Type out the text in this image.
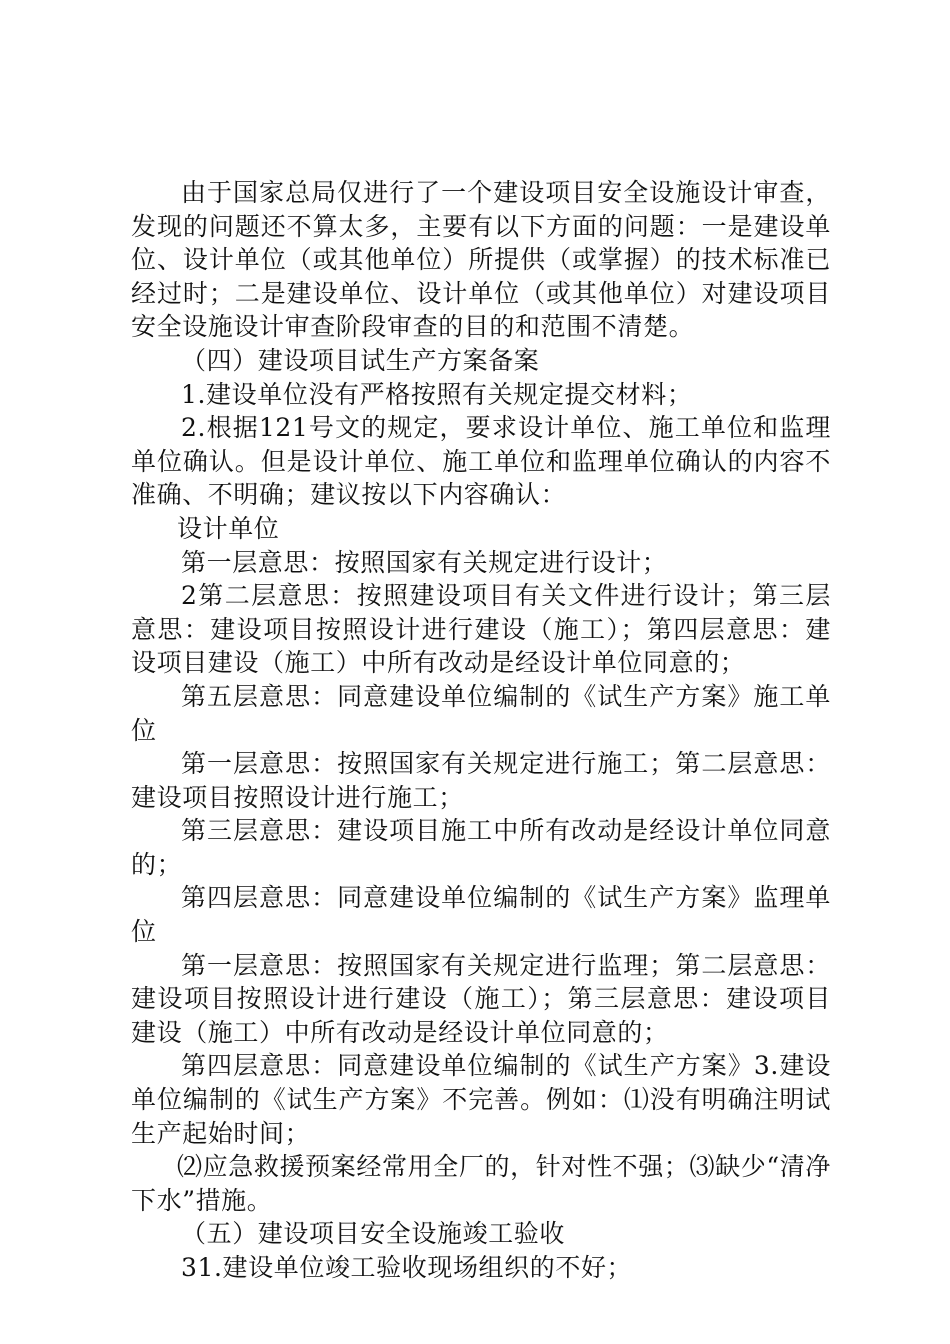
由于国家总局仅进行了一个建设项目安全设施设计审查，发现的问题还不算太多，主要有以下方面的问题：一是建设单位、设计单位（或其他单位）所提供（或掌握）的技术标准已经过时；二是建设单位、设计单位（或其他单位）对建设项目安全设施设计审查阶段审查的目的和范围不清楚。

（四）建设项目试生产方案备案

1.建设单位没有严格按照有关规定提交材料；

2.根据121号文的规定，要求设计单位、施工单位和监理单位确认。但是设计单位、施工单位和监理单位确认的内容不准确、不明确；建议按以下内容确认：

设计单位

第一层意思：按照国家有关规定进行设计；

2第二层意思：按照建设项目有关文件进行设计；第三层意思：建设项目按照设计进行建设（施工）；第四层意思：建设项目建设（施工）中所有改动是经设计单位同意的；

第五层意思：同意建设单位编制的《试生产方案》施工单位

第一层意思：按照国家有关规定进行施工；第二层意思：建设项目按照设计进行施工；

第三层意思：建设项目施工中所有改动是经设计单位同意的；

第四层意思：同意建设单位编制的《试生产方案》监理单位

第一层意思：按照国家有关规定进行监理；第二层意思：建设项目按照设计进行建设（施工）；第三层意思：建设项目建设（施工）中所有改动是经设计单位同意的；

第四层意思：同意建设单位编制的《试生产方案》3.建设单位编制的《试生产方案》不完善。例如：⑴没有明确注明试生产起始时间；

⑵应急救援预案经常用全厂的，针对性不强；⑶缺少“清净下水”措施。

（五）建设项目安全设施竣工验收

31.建设单位竣工验收现场组织的不好；
